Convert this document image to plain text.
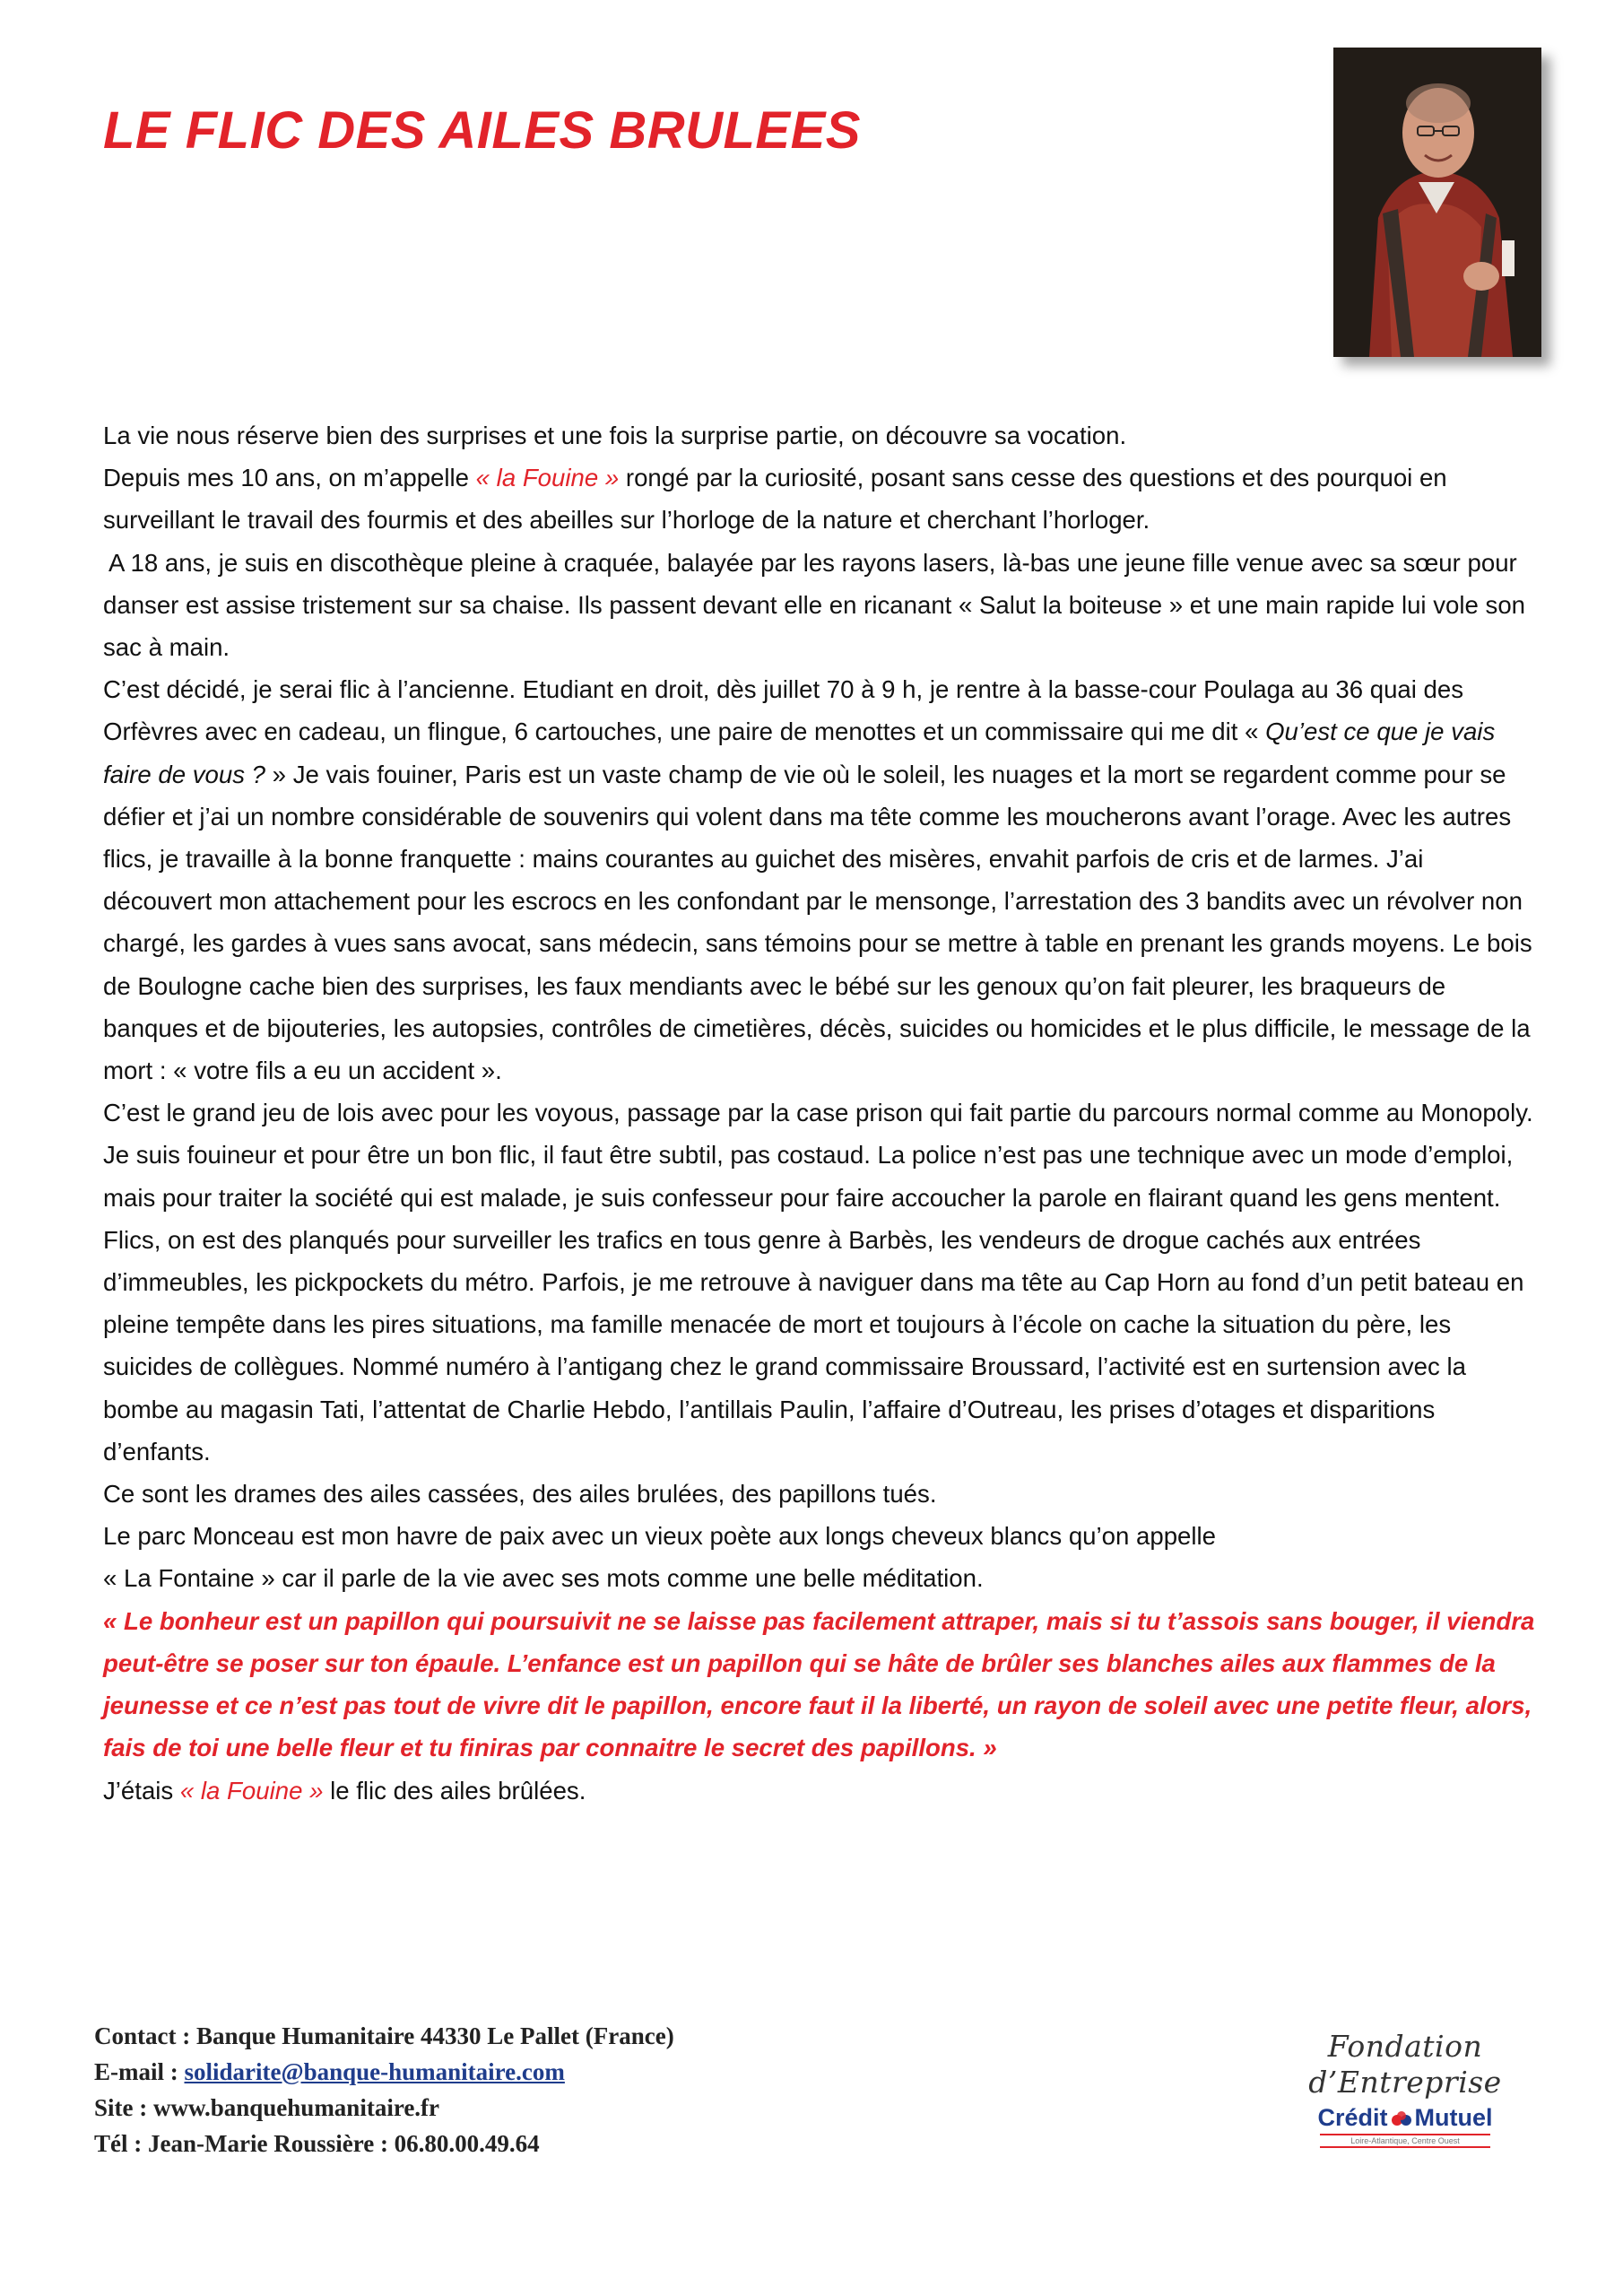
LE FLIC DES AILES BRULEES

La vie nous réserve bien des surprises et une fois la surprise partie, on découvre sa vocation.

Depuis mes 10 ans, on m’appelle « la Fouine » rongé par la curiosité, posant sans cesse des questions et des pourquoi en surveillant le travail des fourmis et des abeilles sur l’horloge de la nature et cherchant l’horloger.

A 18 ans, je suis en discothèque pleine à craquée, balayée par les rayons lasers, là-bas une jeune fille venue avec sa sœur pour danser est assise tristement sur sa chaise. Ils passent devant elle en ricanant « Salut la boiteuse » et une main rapide lui vole son sac à main.

C’est décidé, je serai flic à l’ancienne. Etudiant en droit, dès juillet 70 à 9 h, je rentre à la basse-cour Poulaga au 36 quai des Orfèvres avec en cadeau, un flingue, 6 cartouches, une paire de menottes et un commissaire qui me dit « Qu’est ce que je vais faire de vous ? » Je vais fouiner, Paris est un vaste champ de vie où le soleil, les nuages et la mort se regardent comme pour se défier et j’ai un nombre considérable de souvenirs qui volent dans ma tête comme les moucherons avant l’orage. Avec les autres flics, je travaille à la bonne franquette : mains courantes au guichet des misères, envahit parfois de cris et de larmes. J’ai découvert mon attachement pour les escrocs en les confondant par le mensonge, l’arrestation des 3 bandits avec un révolver non chargé, les gardes à vues sans avocat, sans médecin, sans témoins pour se mettre à table en prenant les grands moyens. Le bois de Boulogne cache bien des surprises, les faux mendiants avec le bébé sur les genoux qu’on fait pleurer, les braqueurs de banques et de bijouteries, les autopsies, contrôles de cimetières, décès, suicides ou homicides et le plus difficile, le message de la mort : « votre fils a eu un accident ».

C’est le grand jeu de lois avec pour les voyous, passage par la case prison qui fait partie du parcours normal comme au Monopoly. Je suis fouineur et pour être un bon flic, il faut être subtil, pas costaud. La police n’est pas une technique avec un mode d’emploi, mais pour traiter la société qui est malade, je suis confesseur pour faire accoucher la parole en flairant quand les gens mentent. Flics, on est des planqués pour surveiller les trafics en tous genre à Barbès, les vendeurs de drogue cachés aux entrées d’immeubles, les pickpockets du métro. Parfois, je me retrouve à naviguer dans ma tête au Cap Horn au fond d’un petit bateau en pleine tempête dans les pires situations, ma famille menacée de mort et toujours à l’école on cache la situation du père, les suicides de collègues. Nommé numéro à l’antigang chez le grand commissaire Broussard, l’activité est en surtension avec la bombe au magasin Tati, l’attentat de Charlie Hebdo, l’antillais Paulin, l’affaire d’Outreau, les prises d’otages et disparitions d’enfants.

Ce sont les drames des ailes cassées, des ailes brulées, des papillons tués.

Le parc Monceau est mon havre de paix avec un vieux poète aux longs cheveux blancs qu’on appelle
« La Fontaine » car il parle de la vie avec ses mots comme une belle méditation.

« Le bonheur est un papillon qui poursuivit ne se laisse pas facilement attraper, mais si tu t’assois sans bouger, il viendra peut-être se poser sur ton épaule. L’enfance est un papillon qui se hâte de brûler ses blanches ailes aux flammes de la jeunesse et ce n’est pas tout de vivre dit le papillon, encore faut il la liberté, un rayon de soleil avec une petite fleur, alors, fais de toi une belle fleur et tu finiras par connaitre le secret des papillons. »

J’étais « la Fouine » le flic des ailes brûlées.

Contact : Banque Humanitaire 44330 Le Pallet (France)
E-mail : solidarite@banque-humanitaire.com
Site : www.banquehumanitaire.fr
Tél : Jean-Marie Roussière : 06.80.00.49.64
Fondation
d’Entreprise
Crédit Mutuel
Loire-Atlantique, Centre Ouest
